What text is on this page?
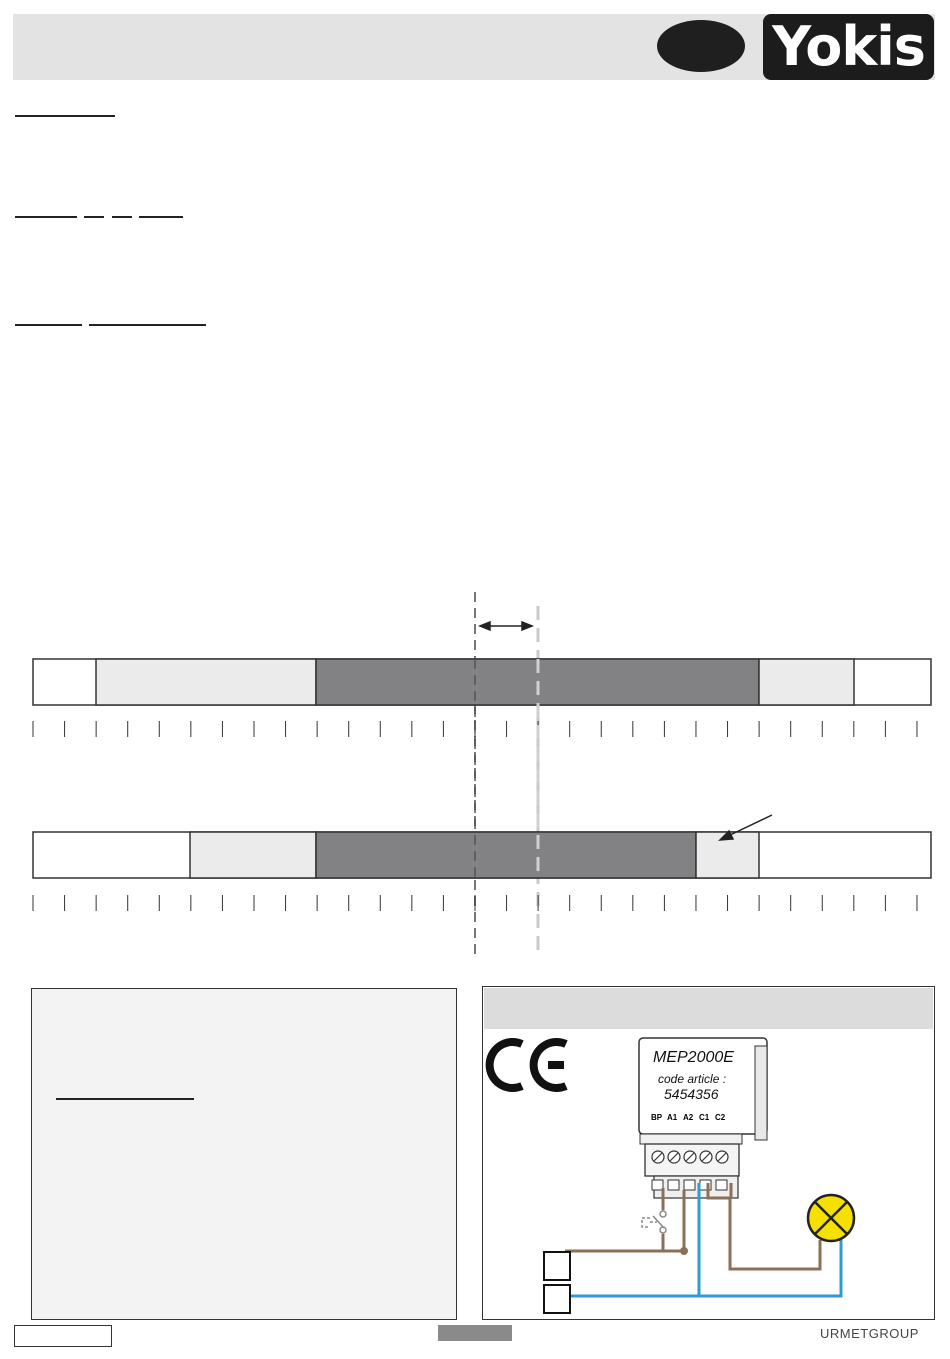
Yokis
MEP2000E
code article :
5454356
BP A1 A2 C1 C2
URMETGROUP
